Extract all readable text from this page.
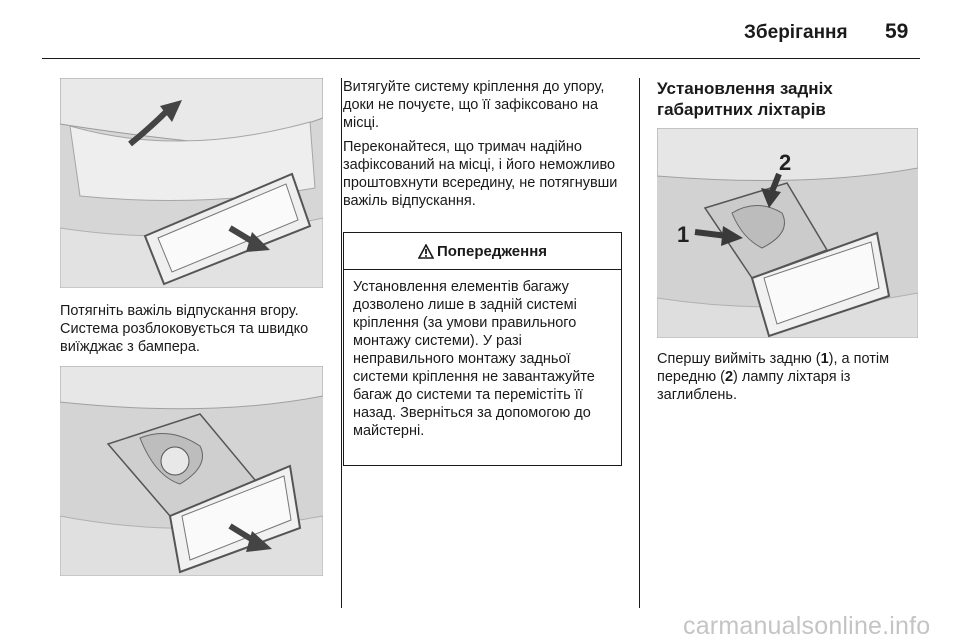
Зберігання 59

Потягніть важіль відпускання вгору. Система розблоковується та швидко виїжджає з бампера.

Витягуйте систему кріплення до упору, доки не почуєте, що її зафіксовано на місці.

Переконайтеся, що тримач надійно зафіксований на місці, і його неможливо проштовхнути всередину, не потягнувши важіль відпускання.

Попередження
Установлення елементів багажу дозволено лише в задній системі кріплення (за умови правильного монтажу системи). У разі неправильного монтажу задньої системи кріплення не завантажуйте багаж до системи та перемістіть її назад. Зверніться за допомогою до майстерні.
Установлення задніх габаритних ліхтарів
1
2

Спершу вийміть задню (1), а потім передню (2) лампу ліхтаря із заглиблень.

carmanualsonline.info
